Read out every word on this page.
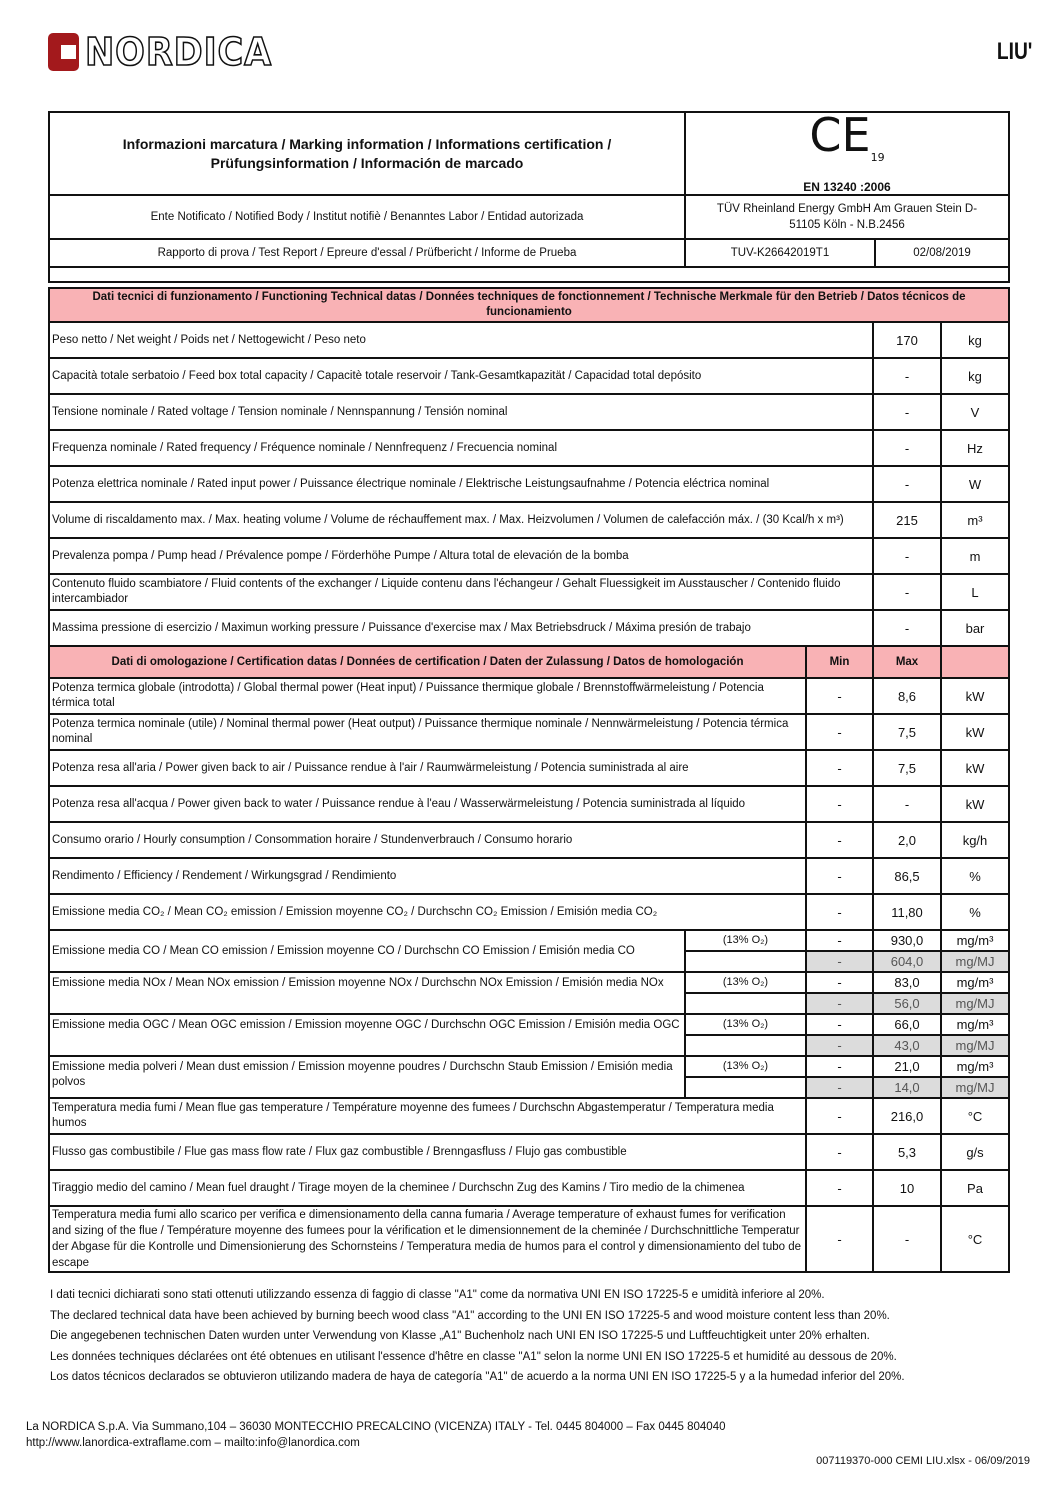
NORDICA	LIU'
Informazioni marcatura / Marking information / Informations certification / Prüfungsinformation / Información de marcado	$CE_{19}$
EN 13240 :2006	

Ente Notificato / Notified Body / Institut notifiè / Benanntes Labor / Entidad autorizada	TÜV Rheinland Energy GmbH Am Grauen Stein D-51105 Köln - N.B.2456	
Rapporto di prova / Test Report / Epreure d'essal / Prüfbericht / Informe de Prueba	TUV-K26642019T1	02/08/2019

Dati tecnici di funzionamento / Functioning Technical datas / Données techniques de fonctionnement / Technische Merkmale für den Betrieb / Datos técnicos de funcionamiento				
Peso netto / Net weight / Poids net / Nettogewicht / Peso neto			170	kg
Capacità totale serbatoio / Feed box total capacity / Capacitè totale reservoir / Tank-Gesamtkapazität / Capacidad total depósito			-	kg
Tensione nominale / Rated voltage / Tension nominale / Nennspannung / Tensión nominal			-	V
Frequenza nominale / Rated frequency / Fréquence nominale / Nennfrequenz / Frecuencia nominal			-	Hz
Potenza elettrica nominale / Rated input power / Puissance électrique nominale / Elektrische Leistungsaufnahme / Potencia eléctrica nominal			-	W
Volume di riscaldamento max. / Max. heating volume / Volume de réchauffement max. / Max. Heizvolumen / Volumen de calefacción máx. / (30 Kcal/h x m³)			215	m³
Prevalenza pompa / Pump head / Prévalence pompe / Förderhöhe Pumpe / Altura total de elevación de la bomba			-	m
Contenuto fluido scambiatore / Fluid contents of the exchanger / Liquide contenu dans l'échangeur / Gehalt Fluessigkeit im Ausstauscher / Contenido fluido intercambiador			-	L
Massima pressione di esercizio / Maximun working pressure / Puissance d'exercise max / Max Betriebsdruck / Máxima presión de trabajo			-	bar
Dati di omologazione / Certification datas / Données de certification / Daten der Zulassung / Datos de homologación		Min	Max	
Potenza termica globale (introdotta) / Global thermal power (Heat input) / Puissance thermique globale / Brennstoffwärmeleistung / Potencia térmica total		-	8,6	kW
Potenza termica nominale (utile) / Nominal thermal power (Heat output) / Puissance thermique nominale / Nennwärmeleistung / Potencia térmica nominal		-	7,5	kW
Potenza resa all'aria / Power given back to air / Puissance rendue à l'air / Raumwärmeleistung / Potencia suministrada al aire		-	7,5	kW
Potenza resa all'acqua / Power given back to water / Puissance rendue à l'eau / Wasserwärmeleistung / Potencia suministrada al líquido		-	-	kW
Consumo orario / Hourly consumption / Consommation horaire / Stundenverbrauch / Consumo horario		-	2,0	kg/h
Rendimento / Efficiency / Rendement / Wirkungsgrad / Rendimiento		-	86,5	%
Emissione media CO₂ / Mean CO₂ emission / Emission moyenne CO₂ / Durchschn CO₂ Emission / Emisión media CO₂		-	11,80	%
Emissione media CO / Mean CO emission / Emission moyenne CO / Durchschn CO Emission / Emisión media CO	(13% O₂)	-	930,0	mg/m³
		-	604,0	mg/MJ
Emissione media NOx / Mean NOx emission / Emission moyenne NOx / Durchschn NOx Emission / Emisión media NOx	(13% O₂)	-	83,0	mg/m³
		-	56,0	mg/MJ
Emissione media OGC / Mean OGC emission / Emission moyenne OGC / Durchschn OGC Emission / Emisión media OGC	(13% O₂)	-	66,0	mg/m³
		-	43,0	mg/MJ
Emissione media polveri / Mean dust emission / Emission moyenne poudres / Durchschn Staub Emission / Emisión media polvos	(13% O₂)	-	21,0	mg/m³
		-	14,0	mg/MJ
Temperatura media fumi / Mean flue gas temperature / Température moyenne des fumees / Durchschn Abgastemperatur / Temperatura media humos		-	216,0	°C
Flusso gas combustibile / Flue gas mass flow rate / Flux gaz combustible / Brenngasfluss / Flujo gas combustible		-	5,3	g/s
Tiraggio medio del camino / Mean fuel draught / Tirage moyen de la cheminee / Durchschn Zug des Kamins / Tiro medio de la chimenea		-	10	Pa
Temperatura media fumi allo scarico per verifica e dimensionamento della canna fumaria / Average temperature of exhaust fumes for verification and sizing of the flue / Température moyenne des fumees pour la vérification et le dimensionnement de la cheminée / Durchschnittliche Temperatur der Abgase für die Kontrolle und Dimensionierung des Schornsteins / Temperatura media de humos para el control y dimensionamiento del tubo de escape		-	-	°C
I dati tecnici dichiarati sono stati ottenuti utilizzando essenza di faggio di classe "A1" come da normativa UNI EN ISO 17225-5 e umidità inferiore al 20%.
The declared technical data have been achieved by burning beech wood class "A1" according to the UNI EN ISO 17225-5 and wood moisture content less than 20%.
Die angegebenen technischen Daten wurden unter Verwendung von Klasse „A1" Buchenholz nach UNI EN ISO 17225-5 und Luftfeuchtigkeit unter 20% erhalten.
Les données techniques déclarées ont été obtenues en utilisant l'essence d'hêtre en classe "A1" selon la norme UNI EN ISO 17225-5 et humidité au dessous de 20%.
Los datos técnicos declarados se obtuvieron utilizando madera de haya de categoría "A1" de acuerdo a la norma UNI EN ISO 17225-5 y a la humedad inferior del 20%.
La NORDICA S.p.A. Via Summano,104 – 36030 MONTECCHIO PRECALCINO (VICENZA) ITALY - Tel. 0445 804000 – Fax 0445 804040
http://www.lanordica-extraflame.com – mailto:info@lanordica.com
007119370-000 CEMI LIU.xlsx - 06/09/2019
